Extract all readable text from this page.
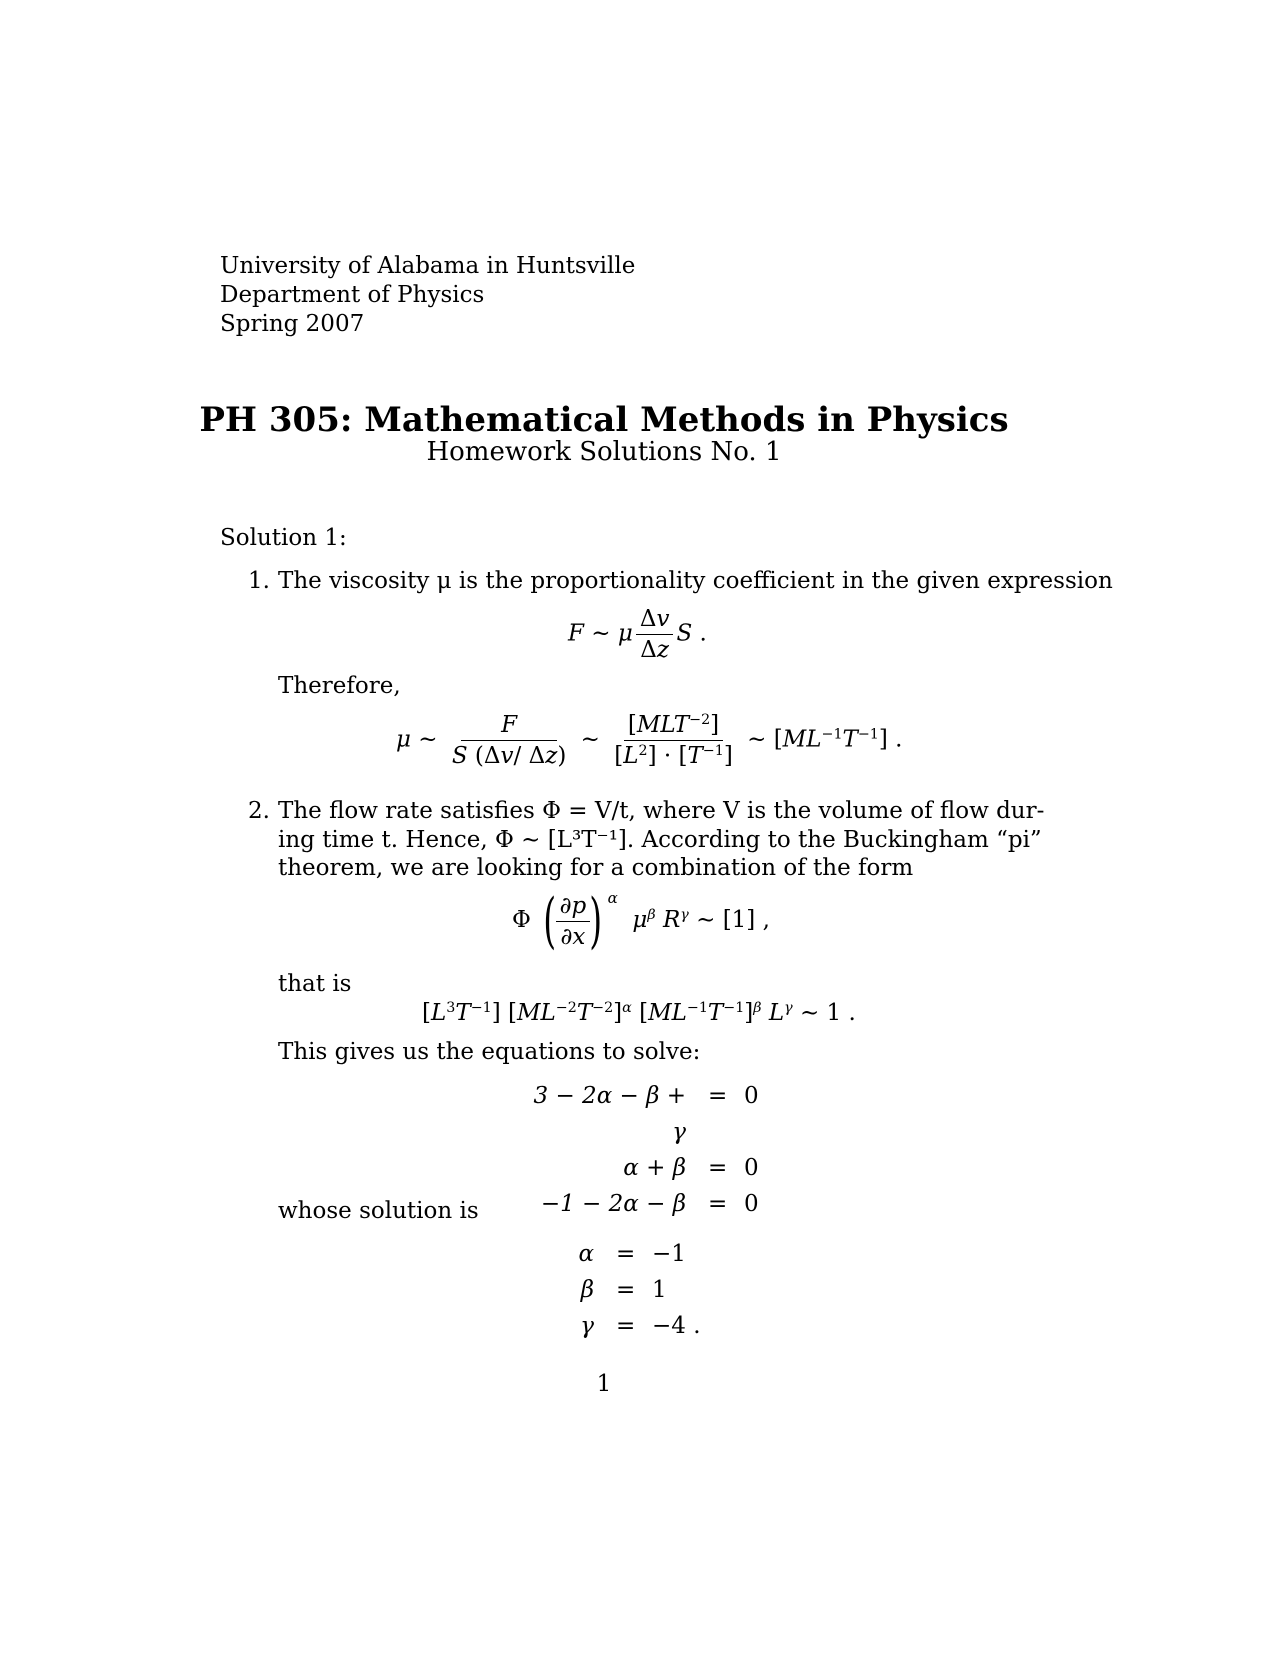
University of Alabama in Huntsville
Department of Physics
Spring 2007
PH 305: Mathematical Methods in Physics
Homework Solutions No. 1
Solution 1:
1. The viscosity μ is the proportionality coefficient in the given expression
F ∼ μ $\frac{\Delta v}{\Delta z}$ S .
Therefore,
μ ∼ $\frac{F}{S (\Delta v/ \Delta z)}$ ∼ $\frac{[MLT^{-2}]}{[L^2] \cdot [T^{-1}]}$ ∼ $[ML^{-1}T^{-1}]$ .
2. The flow rate satisfies Φ = V/t, where V is the volume of flow dur-
ing time t. Hence, Φ ∼ [L³T⁻¹]. According to the Buckingham “pi”
theorem, we are looking for a combination of the form
Φ ( $\frac{\partial p}{\partial x}$ ) $^\alpha$  $\mu^\beta$ $R^\gamma$ ∼ [1] ,
that is
$[L^3T^{-1}]$ $[ML^{-2}T^{-2}]^\alpha$ $[ML^{-1}T^{-1}]^\beta$ $L^\gamma$ ∼ 1 .
This gives us the equations to solve:
3 − 2α − β + γ
= 0
α + β = 0
−1 − 2α − β = 0
whose solution is
α = −1
β = 1
γ = −4 .
1
